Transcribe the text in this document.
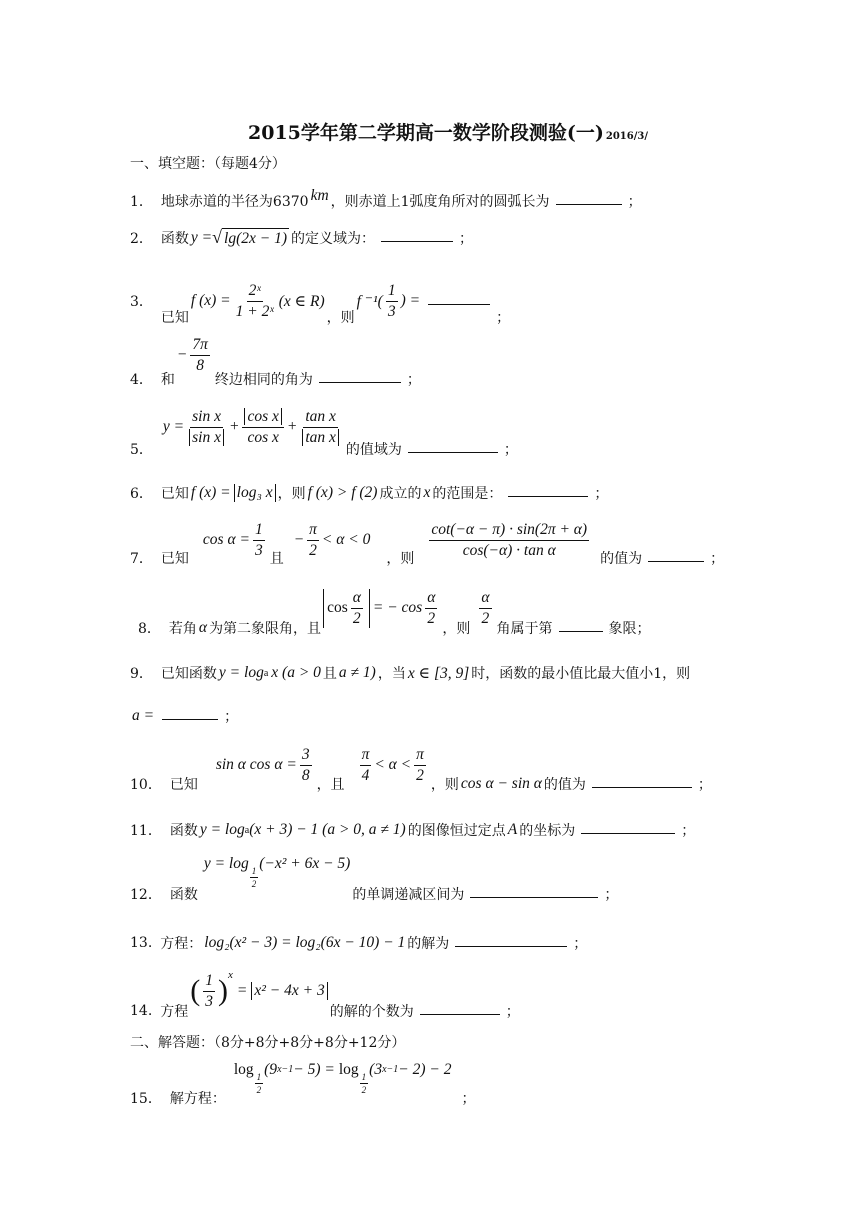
2015学年第二学期高一数学阶段测验(一) 2016/3/
一、填空题：（每题4分）
1． 地球赤道的半径为6370 km ，则赤道上1弧度角所对的圆弧长为	；
2． 函数 y = √ lg(2x − 1) 的定义域为：	；
3．
已知
f $(x) = \frac{\text{2ˣ}}{\text{1 + 2ˣ}} (x$ ∈ R)
，则
f $^{-1}( \frac{1}{3}$ ) =
；
4． 和
− $\frac{7\pi}{8}$
终边相同的角为	；
5．
$y = \frac{\text{sin x}}{\text{sin x}} + \frac{\text{cos x}}{\text{cos x}} + \frac{\text{tan x}}{\text{tan x}}$
的值域为	；
6． 已知 f (x) = log₃ x ，则 f (x) > f (2) 成立的 x 的范围是：	；
7． 已知
$\cos \alpha = \frac{1}{3}$ 且
− $\frac{\pi}{2} < \alpha < 0$
，则 $\frac{\cot(-\alpha - \pi) \cdot \sin(2\pi + \alpha)}{\text{cos(−α) · tan α}}$ 的值为	；
8． 若角 α 为第二象限角，且
$\cos \frac{\alpha}{2}$ = − $\cos \frac{\alpha}{2}$
，则
$\frac{\alpha}{2}$
角属于第	象限；
9． 已知函数 y = log a x (a > 0 且 a ≠ 1) ，当 x ∈ [3, 9] 时，函数的最小值比最大值小1，则
a =	；
10． 已知
sin α $\cos \alpha = \frac{3}{8}$
，且
$\frac{\pi}{4} < \alpha < \frac{\pi}{2}$
，则 cos α − sin α 的值为	；
11． 函数 y = log a (x + 3) − 1 (a > 0, a ≠ 1) 的图像恒过定点 A 的坐标为	；
12． 函数
y = log
$\frac{1}{2}$
(−x² + 6x − 5)
的单调递减区间为	；
13. 方程： log₂(x² − 3) = log₂(6x − 10) − 1 的解为	；
14. 方程
( $\frac{1}{3}$ ) x
= x² − 4x + 3
的解的个数为	；
二、解答题：（8分+8分+8分+8分+12分）
15． 解方程：
log
$\frac{1}{2}$
(9 x−1 − 5) = log
$\frac{1}{2}$
(3 x−1 − 2) − 2
；
